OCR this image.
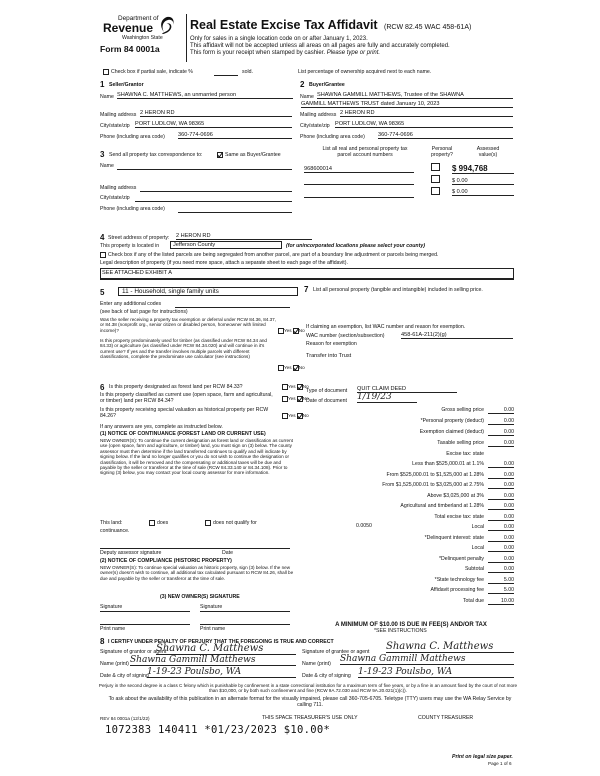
Department of
Revenue
Washington State
Form 84 0001a
Real Estate Excise Tax Affidavit (RCW 82.45 WAC 458-61A)
Only for sales in a single location code on or after January 1, 2023.
This affidavit will not be accepted unless all areas on all pages are fully and accurately completed.
This form is your receipt when stamped by cashier. Please type or print.
Check box if partial sale, indicate %	sold.	List percentage of ownership acquired next to each name.
1 Seller/Grantor
Name SHAWNA C. MATTHEWS, an unmarried person
Mailing address 2 HERON RD
City/state/zip PORT LUDLOW, WA 98365
Phone (including area code) 360-774-0696
2 Buyer/Grantee
Name SHAWNA GAMMILL MATTHEWS, Trustee of the SHAWNA
GAMMILL MATTHEWS TRUST dated January 10, 2023
Mailing address 2 HERON RD
City/state/zip PORT LUDLOW, WA 98365
Phone (including area code) 360-774-0696
3 Send all property tax correspondence to:	Same as Buyer/Grantee
Name
Mailing address
City/state/zip
Phone (including area code)
List all real and personal property tax
parcel account numbers
Personal
property?
Assessed
value(s)
968600014	$ 994,768
$ 0.00
$ 0.00
4 Street address of property: 2 HERON RD
This property is located in	Jefferson County	(for unincorporated locations please select your county)
Check box if any of the listed parcels are being segregated from another parcel, are part of a boundary line adjustment or parcels being merged.
Legal description of property (if you need more space, attach a separate sheet to each page of the affidavit).
SEE ATTACHED EXHIBIT A
5	11 - Household, single family units
Enter any additional codes
(see back of last page for instructions)
Was the seller receiving a property tax exemption or deferral under RCW 84.36, 84.37, or 84.38 (nonprofit org., senior citizen or disabled person, homeowner with limited income)?	Yes No
Is this property predominately used for timber (as classified under RCW 84.34 and 84.33) or agriculture (as classified under RCW 84.34.020) and will continue in it's current use? If yes and the transfer involves multiple parcels with different classifications, complete the predominate use calculator (see instructions)
Yes No
6 Is this property designated as forest land per RCW 84.33?
Is this property classified as current use (open space, farm and agricultural, or timber) land per RCW 84.34?
Is this property receiving special valuation as historical property per RCW 84.26?
Yes No
Yes No
Yes No
If any answers are yes, complete as instructed below.
(1) NOTICE OF CONTINUANCE (FOREST LAND OR CURRENT USE)
NEW OWNER(S): To continue the current designation as forest land or classification as current use (open space, farm and agriculture, or timber) land, you must sign on (3) below. The county assessor must then determine if the land transferred continues to qualify and will indicate by signing below. If the land no longer qualifies or you do not wish to continue the designation or classification, it will be removed and the compensating or additional taxes will be due and payable by the seller or transferor at the time of sale (RCW 84.33.140 or 84.34.108). Prior to signing (3) below, you may contact your local county assessor for more information.
This land:	does	does not qualify for
continuance.
Deputy assessor signature	Date
(2) NOTICE OF COMPLIANCE (HISTORIC PROPERTY)
NEW OWNER(S): To continue special valuation as historic property, sign (3) below. If the new owner(s) doesn't wish to continue, all additional tax calculated pursuant to RCW 84.26, shall be due and payable by the seller or transferor at the time of sale.
(3) NEW OWNER(S) SIGNATURE
Signature	Signature
Print name	Print name
7 List all personal property (tangible and intangible) included in selling price.
If claiming an exemption, list WAC number and reason for exemption.
WAC number (section/subsection)	458-61A-211(2)(g)
Reason for exemption
Transfer into Trust
Type of document QUIT CLAIM DEED
Date of document 1/19/23
Gross selling price	0.00
*Personal property (deduct)	0.00
Exemption claimed (deduct)	0.00
Taxable selling price	0.00
Excise tax: state
Less than $525,000.01 at 1.1%	0.00
From $525,000.01 to $1,525,000 at 1.28%	0.00
From $1,525,000.01 to $3,025,000 at 2.75%	0.00
Above $3,025,000 at 3%	0.00
Agricultural and timberland at 1.28%	0.00
Total excise tax: state	0.00
Local
0.0050	0.00
*Delinquent interest: state	0.00
Local	0.00
*Delinquent penalty	0.00
Subtotal	0.00
*State technology fee	5.00
Affidavit processing fee	5.00
Total due	10.00
A MINIMUM OF $10.00 IS DUE IN FEE(S) AND/OR TAX
*SEE INSTRUCTIONS
8 I CERTIFY UNDER PENALTY OF PERJURY THAT THE FOREGOING IS TRUE AND CORRECT
Signature of grantor or agent
Shawna C. Matthews
Name (print) Shawna Gammill Matthews
Date & city of signing
1-19-23 Poulsbo, WA
Signature of grantee or agent Shawna C. Matthews
Name (print) Shawna Gammill Matthews
Date & city of signing 1-19-23 Poulsbo, WA
Perjury in the second degree is a class C felony which is punishable by confinement in a state correctional institution for a maximum term of five years, or by a fine in an amount fixed by the court of not more than $10,000, or by both such confinement and fine (RCW 9A.72.030 and RCW 9A.20.021(1)(c)).
To ask about the availability of this publication in an alternate format for the visually impaired, please call 360-705-6705. Teletype (TTY) users may use the WA Relay Service by calling 711.
REV 84 0001a (12/1/22)	THIS SPACE TREASURER'S USE ONLY	COUNTY TREASURER
1072383 140411 *01/23/2023 $10.00*
Print on legal size paper.
Page 1 of 6
